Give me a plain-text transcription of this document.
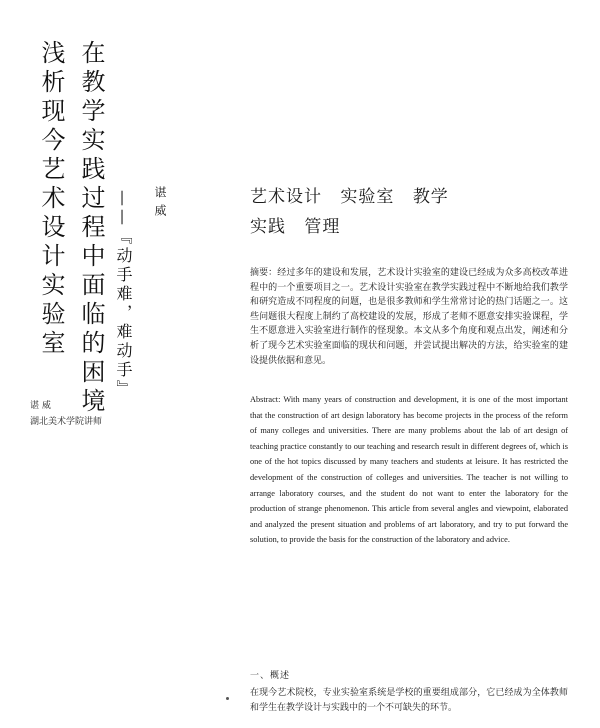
在教学实践过程中面临的困境
浅析现今艺术设计实验室	——『动手难，难动手』 谌威
谌 威
湖北美术学院讲师
艺术设计 实验室 教学
实践 管理
摘要：经过多年的建设和发展，艺术设计实验室的建设已经成为众多高校改革进程中的一个重要项目之一。艺术设计实验室在教学实践过程中不断地给我们教学和研究造成不同程度的问题，也是很多教师和学生常常讨论的热门话题之一。这些问题很大程度上制约了高校建设的发展，形成了老师不愿意安排实验课程，学生不愿意进入实验室进行制作的怪现象。本文从多个角度和观点出发，阐述和分析了现今艺术实验室面临的现状和问题，并尝试提出解决的方法，给实验室的建设提供依据和意见。
Abstract: With many years of construction and development, it is one of the most important that the construction of art design laboratory has become projects in the process of the reform of many colleges and universities. There are many problems about the lab of art design of teaching practice constantly to our teaching and research result in different degrees of, which is one of the hot topics discussed by many teachers and students at leisure. It has restricted the development of the construction of colleges and universities. The teacher is not willing to arrange laboratory courses, and the student do not want to enter the laboratory for the production of strange phenomenon. This article from several angles and viewpoint, elaborated and analyzed the present situation and problems of art laboratory, and try to put forward the solution, to provide the basis for the construction of the laboratory and advice.
一、概述
在现今艺术院校，专业实验室系统是学校的重要组成部分，它已经成为全体教师和学生在教学设计与实践中的一个不可缺失的环节。
